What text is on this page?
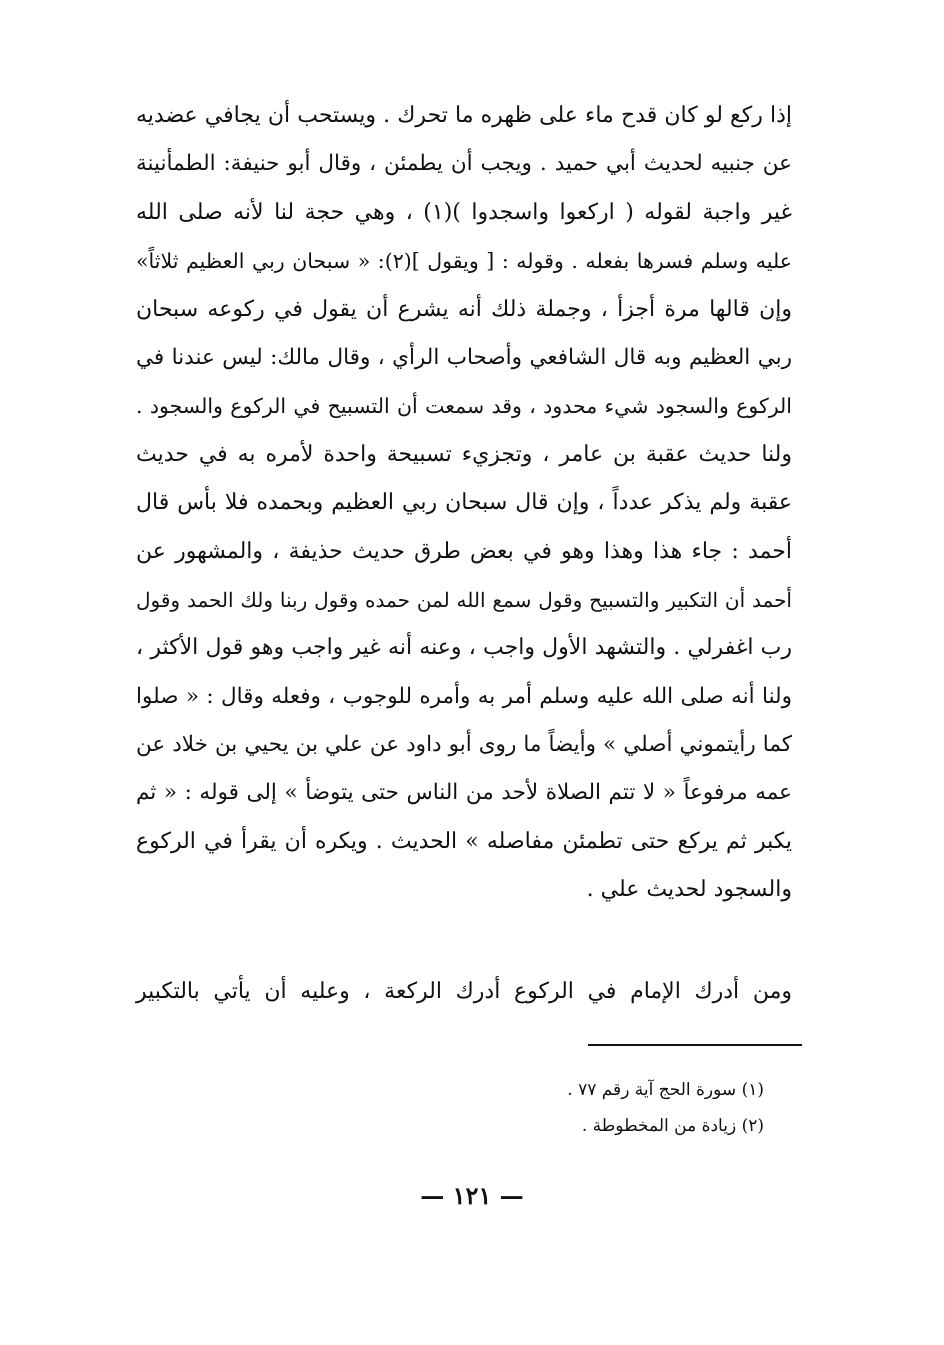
إذا ركع لو كان قدح ماء على ظهره ما تحرك . ويستحب أن يجافي عضديه
عن جنبيه لحديث أبي حميد . ويجب أن يطمئن ، وقال أبو حنيفة: الطمأنينة
غير واجبة لقوله ( اركعوا واسجدوا )(١) ، وهي حجة لنا لأنه صلى الله
عليه وسلم فسرها بفعله . وقوله : [ ويقول ](٢): « سبحان ربي العظيم ثلاثاً»
وإن قالها مرة أجزأ ، وجملة ذلك أنه يشرع أن يقول في ركوعه سبحان
ربي العظيم وبه قال الشافعي وأصحاب الرأي ، وقال مالك: ليس عندنا في
الركوع والسجود شيء محدود ، وقد سمعت أن التسبيح في الركوع والسجود .
ولنا حديث عقبة بن عامر ، وتجزيء تسبيحة واحدة لأمره به في حديث
عقبة ولم يذكر عدداً ، وإن قال سبحان ربي العظيم وبحمده فلا بأس قال
أحمد : جاء هذا وهذا وهو في بعض طرق حديث حذيفة ، والمشهور عن
أحمد أن التكبير والتسبيح وقول سمع الله لمن حمده وقول ربنا ولك الحمد وقول
رب اغفرلي . والتشهد الأول واجب ، وعنه أنه غير واجب وهو قول الأكثر ،
ولنا أنه صلى الله عليه وسلم أمر به وأمره للوجوب ، وفعله وقال : « صلوا
كما رأيتموني أصلي » وأيضاً ما روى أبو داود عن علي بن يحيي بن خلاد عن
عمه مرفوعاً « لا تتم الصلاة لأحد من الناس حتى يتوضأ » إلى قوله : « ثم
يكبر ثم يركع حتى تطمئن مفاصله » الحديث . ويكره أن يقرأ في الركوع
والسجود لحديث علي .
ومن أدرك الإمام في الركوع أدرك الركعة ، وعليه أن يأتي بالتكبير
(١) سورة الحج آية رقم ٧٧ .
(٢) زيادة من المخطوطة .
— ١٢١ —
